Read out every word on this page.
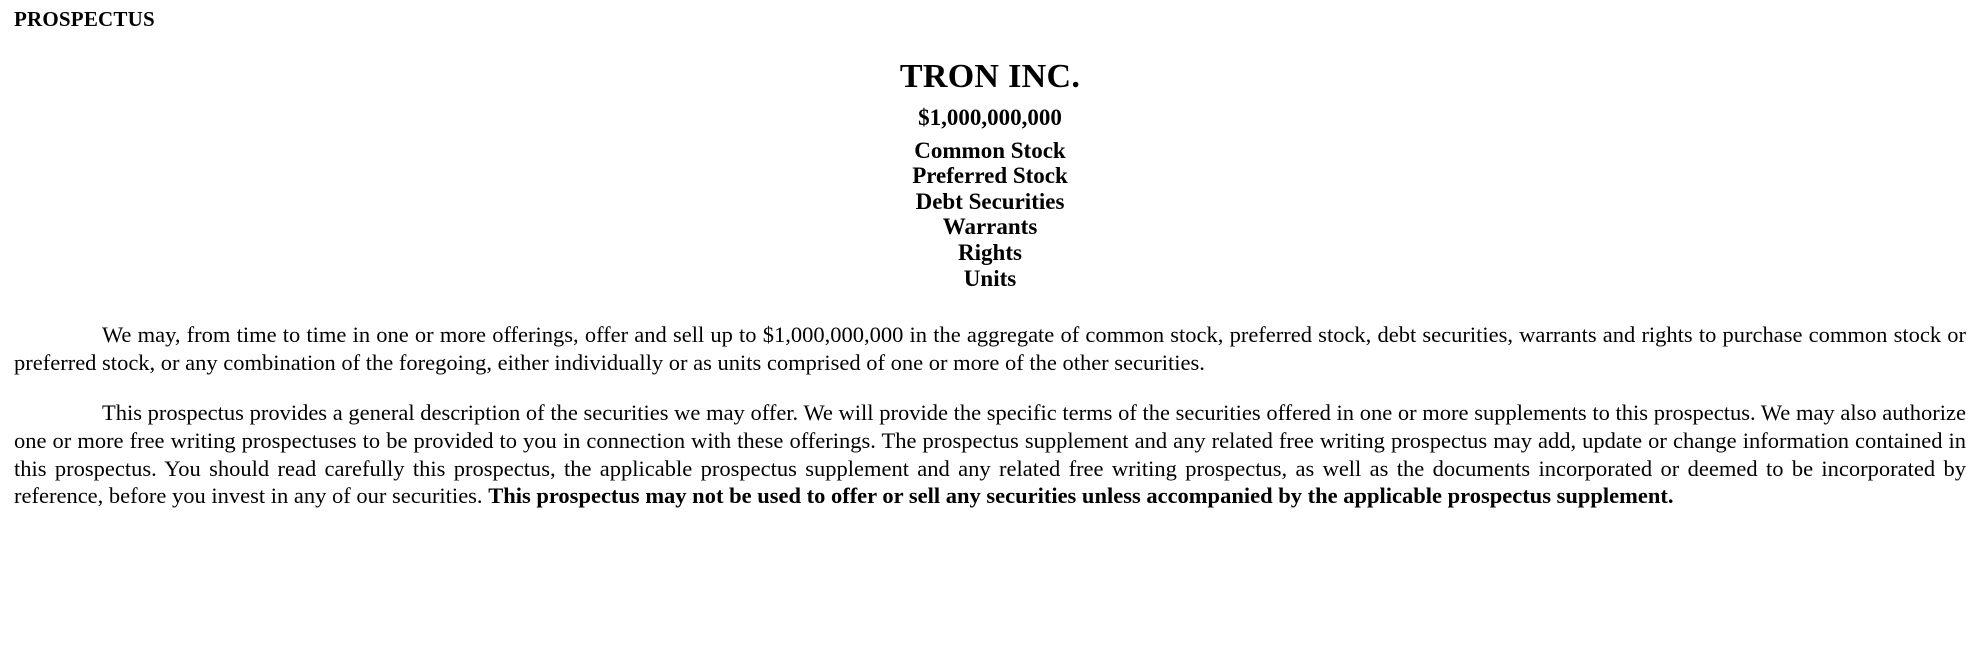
PROSPECTUS
TRON INC.
$1,000,000,000
Common Stock
Preferred Stock
Debt Securities
Warrants
Rights
Units

We may, from time to time in one or more offerings, offer and sell up to $1,000,000,000 in the aggregate of common stock, preferred stock, debt securities, warrants and rights to purchase common stock or preferred stock, or any combination of the foregoing, either individually or as units comprised of one or more of the other securities.

This prospectus provides a general description of the securities we may offer. We will provide the specific terms of the securities offered in one or more supplements to this prospectus. We may also authorize one or more free writing prospectuses to be provided to you in connection with these offerings. The prospectus supplement and any related free writing prospectus may add, update or change information contained in this prospectus. You should read carefully this prospectus, the applicable prospectus supplement and any related free writing prospectus, as well as the documents incorporated or deemed to be incorporated by reference, before you invest in any of our securities. This prospectus may not be used to offer or sell any securities unless accompanied by the applicable prospectus supplement.
